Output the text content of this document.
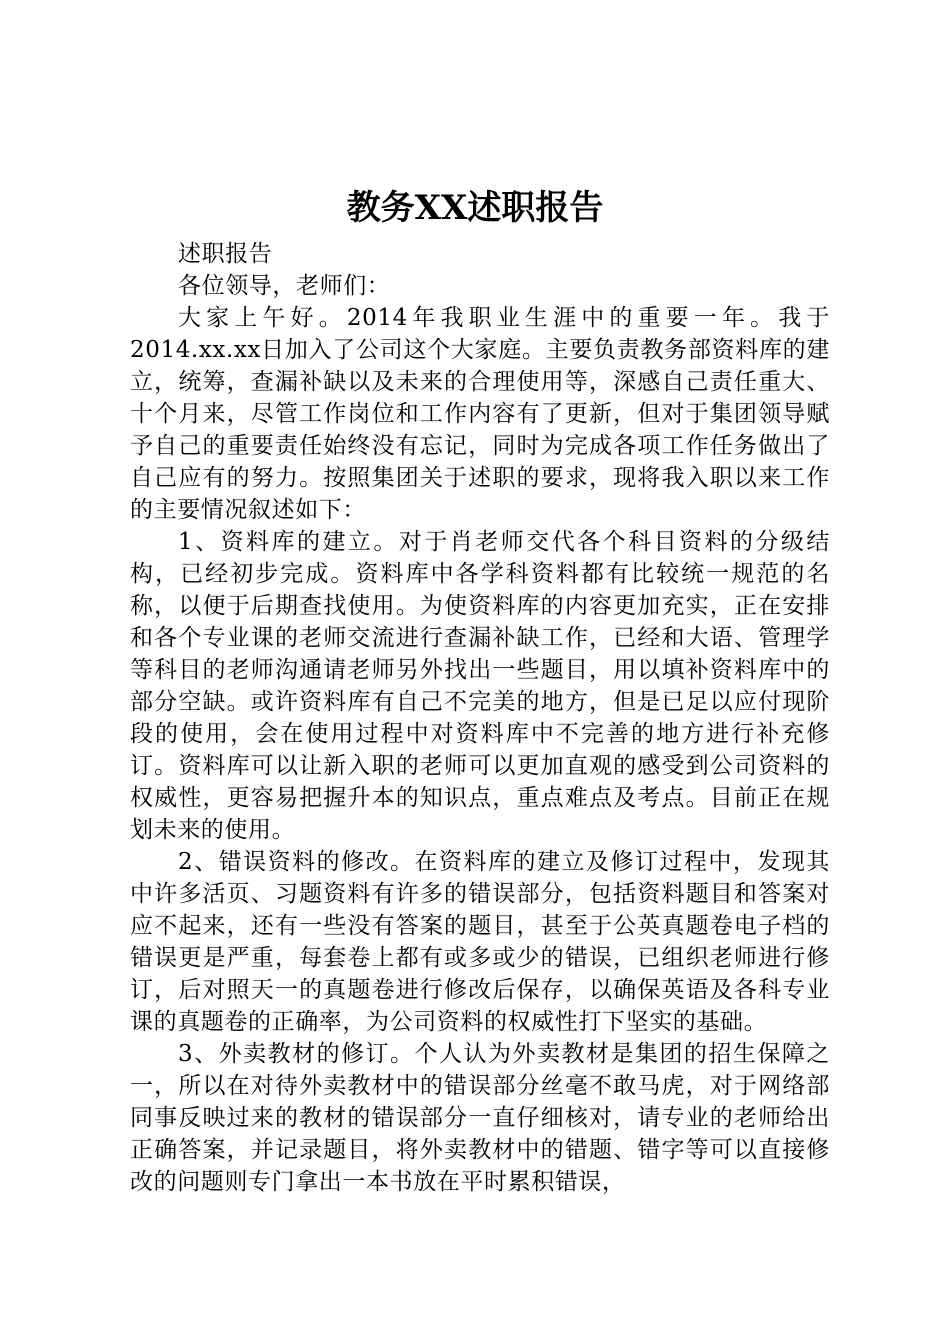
教务XX述职报告

述职报告

各位领导，老师们：

大家上午好。2014年我职业生涯中的重要一年。我于2014.xx.xx日加入了公司这个大家庭。主要负责教务部资料库的建立，统筹，查漏补缺以及未来的合理使用等，深感自己责任重大、十个月来，尽管工作岗位和工作内容有了更新，但对于集团领导赋予自己的重要责任始终没有忘记，同时为完成各项工作任务做出了自己应有的努力。按照集团关于述职的要求，现将我入职以来工作的主要情况叙述如下：

1、资料库的建立。对于肖老师交代各个科目资料的分级结构，已经初步完成。资料库中各学科资料都有比较统一规范的名称，以便于后期查找使用。为使资料库的内容更加充实，正在安排和各个专业课的老师交流进行查漏补缺工作，已经和大语、管理学等科目的老师沟通请老师另外找出一些题目，用以填补资料库中的部分空缺。或许资料库有自己不完美的地方，但是已足以应付现阶段的使用，会在使用过程中对资料库中不完善的地方进行补充修订。资料库可以让新入职的老师可以更加直观的感受到公司资料的权威性，更容易把握升本的知识点，重点难点及考点。目前正在规划未来的使用。

2、错误资料的修改。在资料库的建立及修订过程中，发现其中许多活页、习题资料有许多的错误部分，包括资料题目和答案对应不起来，还有一些没有答案的题目，甚至于公英真题卷电子档的错误更是严重，每套卷上都有或多或少的错误，已组织老师进行修订，后对照天一的真题卷进行修改后保存，以确保英语及各科专业课的真题卷的正确率，为公司资料的权威性打下坚实的基础。

3、外卖教材的修订。个人认为外卖教材是集团的招生保障之一，所以在对待外卖教材中的错误部分丝毫不敢马虎，对于网络部同事反映过来的教材的错误部分一直仔细核对，请专业的老师给出正确答案，并记录题目，将外卖教材中的错题、错字等可以直接修改的问题则专门拿出一本书放在平时累积错误，
